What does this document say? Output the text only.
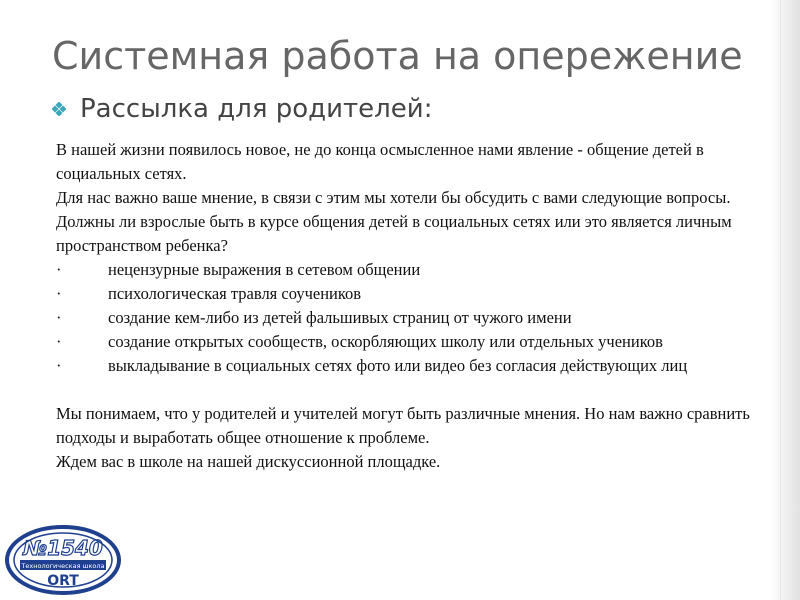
Системная работа на опережение
Рассылка для родителей:

В нашей жизни появилось новое, не до конца осмысленное нами явление - общение детей в социальных сетях.

Для нас важно ваше мнение, в связи с этим мы хотели бы обсудить с вами следующие вопросы.

Должны ли взрослые быть в курсе общения детей в социальных сетях или это является личным пространством ребенка?

·	нецензурные выражения в сетевом общении

·	психологическая травля соучеников

·	создание кем-либо из детей фальшивых страниц от чужого имени

·	создание открытых сообществ, оскорбляющих школу или отдельных учеников

·	выкладывание в социальных сетях фото или видео без согласия действующих лиц

Мы понимаем, что у родителей и учителей могут быть различные мнения. Но нам важно сравнить подходы и выработать общее отношение к проблеме.

Ждем вас в школе на нашей дискуссионной площадке.

№1540
Технологическая школа
ORT
